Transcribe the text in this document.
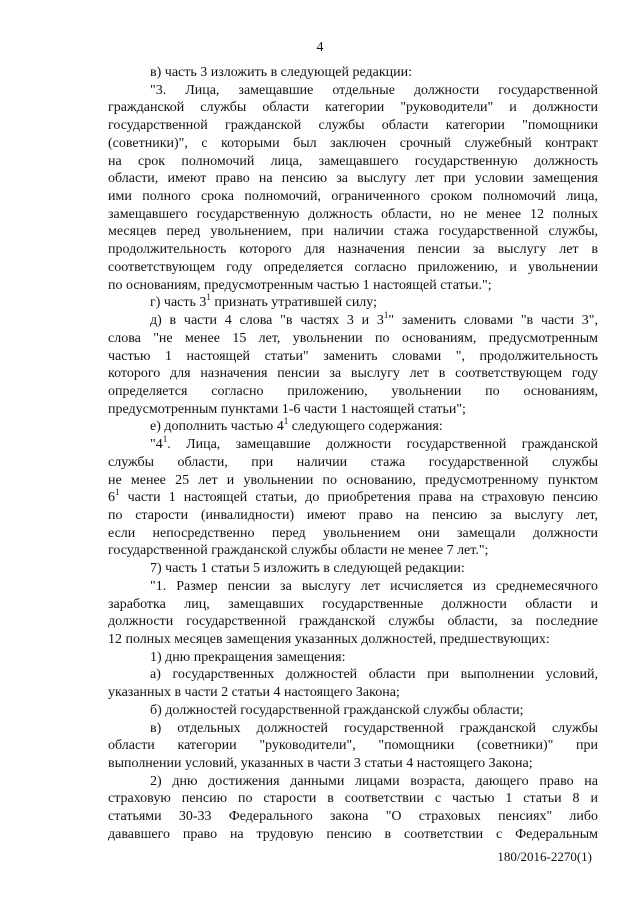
4
в) часть 3 изложить в следующей редакции:
"3. Лица, замещавшие отдельные должности государственной
гражданской службы области категории "руководители" и должности
государственной гражданской службы области категории "помощники
(советники)", с которыми был заключен срочный служебный контракт
на срок полномочий лица, замещавшего государственную должность
области, имеют право на пенсию за выслугу лет при условии замещения
ими полного срока полномочий, ограниченного сроком полномочий лица,
замещавшего государственную должность области, но не менее 12 полных
месяцев перед увольнением, при наличии стажа государственной службы,
продолжительность которого для назначения пенсии за выслугу лет в
соответствующем году определяется согласно приложению, и увольнении
по основаниям, предусмотренным частью 1 настоящей статьи.";
г) часть $3^1$ признать утратившей силу;
д) в части 4 слова "в частях 3 и $3^1$" заменить словами "в части 3",
слова "не менее 15 лет, увольнении по основаниям, предусмотренным
частью 1 настоящей статьи" заменить словами ", продолжительность
которого для назначения пенсии за выслугу лет в соответствующем году
определяется согласно приложению, увольнении по основаниям,
предусмотренным пунктами 1-6 части 1 настоящей статьи";
е) дополнить частью $4^1$ следующего содержания:
"$4^1$. Лица, замещавшие должности государственной гражданской
службы области, при наличии стажа государственной службы
не менее 25 лет и увольнении по основанию, предусмотренному пунктом
$6^1$ части 1 настоящей статьи, до приобретения права на страховую пенсию
по старости (инвалидности) имеют право на пенсию за выслугу лет,
если непосредственно перед увольнением они замещали должности
государственной гражданской службы области не менее 7 лет.";
7) часть 1 статьи 5 изложить в следующей редакции:
"1. Размер пенсии за выслугу лет исчисляется из среднемесячного
заработка лиц, замещавших государственные должности области и
должности государственной гражданской службы области, за последние
12 полных месяцев замещения указанных должностей, предшествующих:
1) дню прекращения замещения:
а) государственных должностей области при выполнении условий,
указанных в части 2 статьи 4 настоящего Закона;
б) должностей государственной гражданской службы области;
в) отдельных должностей государственной гражданской службы
области категории "руководители", "помощники (советники)" при
выполнении условий, указанных в части 3 статьи 4 настоящего Закона;
2) дню достижения данными лицами возраста, дающего право на
страховую пенсию по старости в соответствии с частью 1 статьи 8 и
статьями 30-33 Федерального закона "О страховых пенсиях" либо
дававшего право на трудовую пенсию в соответствии с Федеральным
180/2016-2270(1)
